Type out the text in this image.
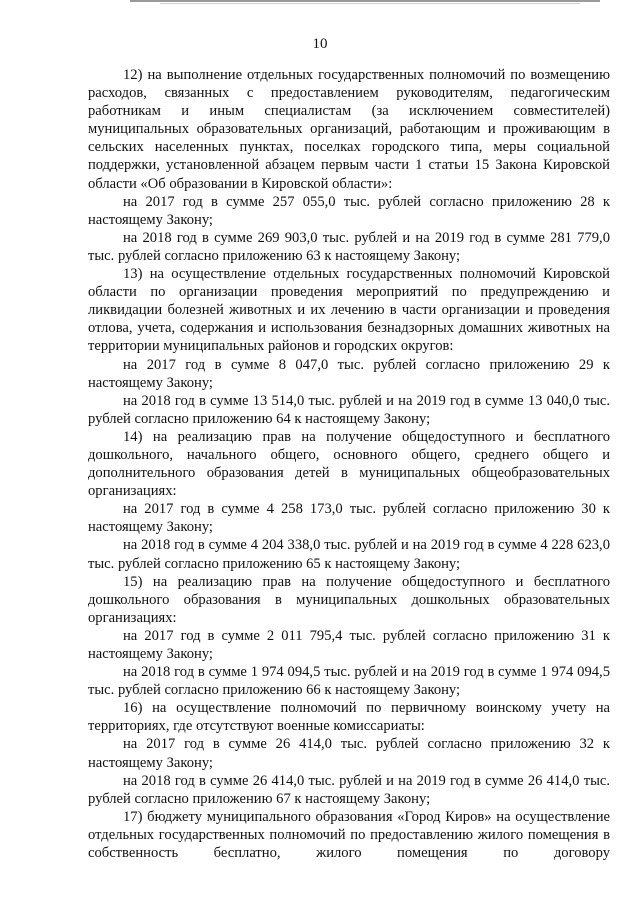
10

12) на выполнение отдельных государственных полномочий по возмещению расходов, связанных с предоставлением руководителям, педагогическим работникам и иным специалистам (за исключением совместителей) муниципальных образовательных организаций, работающим и проживающим в сельских населенных пунктах, поселках городского типа, меры социальной поддержки, установленной абзацем первым части 1 статьи 15 Закона Кировской области «Об образовании в Кировской области»:

на 2017 год в сумме 257 055,0 тыс. рублей согласно приложению 28 к настоящему Закону;

на 2018 год в сумме 269 903,0 тыс. рублей и на 2019 год в сумме 281 779,0 тыс. рублей согласно приложению 63 к настоящему Закону;

13) на осуществление отдельных государственных полномочий Кировской области по организации проведения мероприятий по предупреждению и ликвидации болезней животных и их лечению в части организации и проведения отлова, учета, содержания и использования безнадзорных домашних животных на территории муниципальных районов и городских округов:

на 2017 год в сумме 8 047,0 тыс. рублей согласно приложению 29 к настоящему Закону;

на 2018 год в сумме 13 514,0 тыс. рублей и на 2019 год в сумме 13 040,0 тыс. рублей согласно приложению 64 к настоящему Закону;

14) на реализацию прав на получение общедоступного и бесплатного дошкольного, начального общего, основного общего, среднего общего и дополнительного образования детей в муниципальных общеобразовательных организациях:

на 2017 год в сумме 4 258 173,0 тыс. рублей согласно приложению 30 к настоящему Закону;

на 2018 год в сумме 4 204 338,0 тыс. рублей и на 2019 год в сумме 4 228 623,0 тыс. рублей согласно приложению 65 к настоящему Закону;

15) на реализацию прав на получение общедоступного и бесплатного дошкольного образования в муниципальных дошкольных образовательных организациях:

на 2017 год в сумме 2 011 795,4 тыс. рублей согласно приложению 31 к настоящему Закону;

на 2018 год в сумме 1 974 094,5 тыс. рублей и на 2019 год в сумме 1 974 094,5 тыс. рублей согласно приложению 66 к настоящему Закону;

16) на осуществление полномочий по первичному воинскому учету на территориях, где отсутствуют военные комиссариаты:

на 2017 год в сумме 26 414,0 тыс. рублей согласно приложению 32 к настоящему Закону;

на 2018 год в сумме 26 414,0 тыс. рублей и на 2019 год в сумме 26 414,0 тыс. рублей согласно приложению 67 к настоящему Закону;

17) бюджету муниципального образования «Город Киров» на осуществление отдельных государственных полномочий по предоставлению жилого помещения в собственность бесплатно, жилого помещения по договору
